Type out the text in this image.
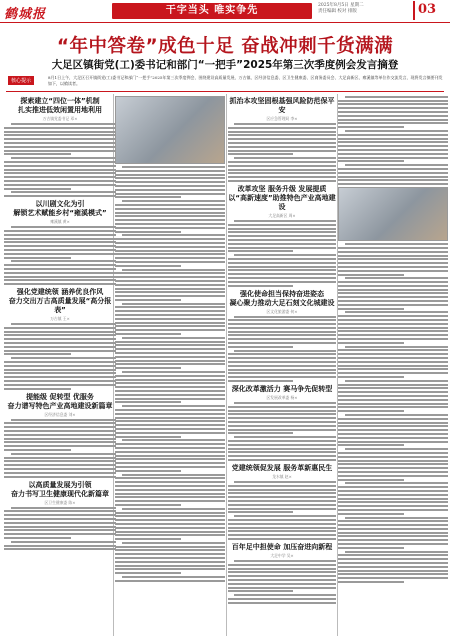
鹤城报	干字当头 唯实争先	2025年8月5日 星期二
责任编辑 校对 排版	03
“年中答卷”成色十足 奋战冲刺千货满满
大足区镇街党(工)委书记和部门“一把手”2025年第三次季度例会发言摘登
核心提示
8月1日上午，大足区召开镇街党(工)委书记和部门“一把手”2025年第三次季度例会，围绕建设高质量发展，万古镇、区经济信息委、区卫生健康委、区商务委员会、大足高新区、雍溪镇等单位作交流发言，现将发言摘要刊发如下，以飨读者。
探索建立“四位一体”机制
扎实推进低效闲置用地利用
万古镇党委书记 邓×
以川剧文化为引
解锁艺术赋能乡村“雍溪模式”
雍溪镇 黄×
强化党建统领 涵养优良作风
奋力交出万古高质量发展“高分报表”
万古镇 王×
提能级 促转型 优服务
奋力谱写特色产业高地建设新篇章
区经济信息委 刘×
以高质量发展为引领
奋力书写卫生健康现代化新篇章
区卫生健康委 陈×
抓治本攻坚固根基强风险防范保平安
区应急管理局 李×
改革攻坚 服务升级 发展提质
以“高新速度”助推特色产业高地建设
大足高新区 周×
强化使命担当保持奋进姿态
凝心聚力推动大足石刻文化城建设
区文化旅游委 何×
深化改革激活力 赛马争先促转型
区发展改革委 杨×
党建统领促发展 服务革新惠民生
龙水镇 赵×
百年足中担使命 加压奋进向新程
大足中学 吴×
